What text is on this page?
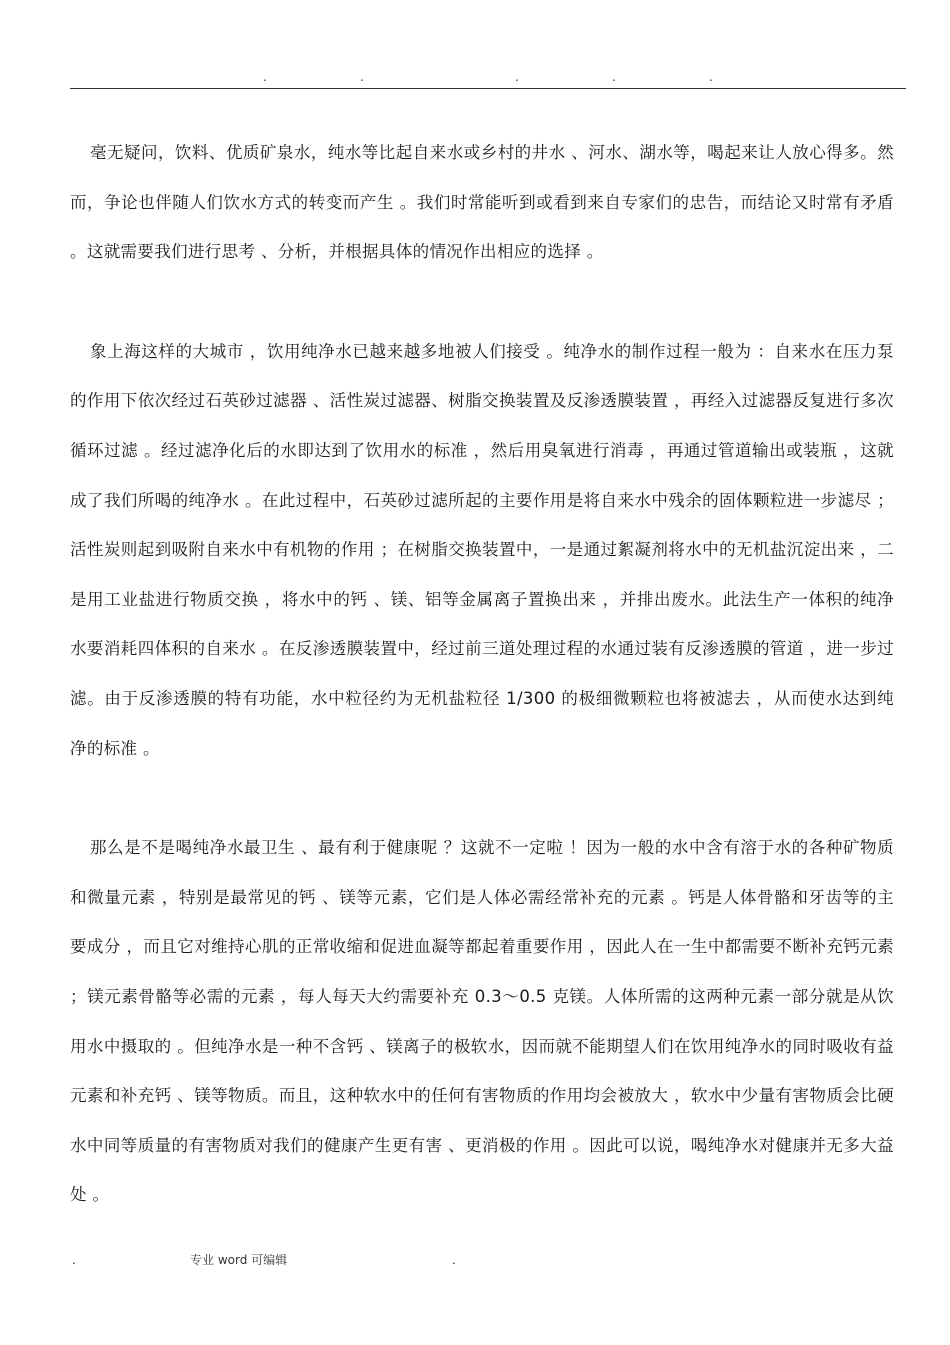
.	.	.	.	.

毫无疑问，饮料、优质矿泉水，纯水等比起自来水或乡村的井水 、河水、湖水等，喝起来让人放心得多。然而，争论也伴随人们饮水方式的转变而产生 。我们时常能听到或看到来自专家们的忠告，而结论又时常有矛盾 。这就需要我们进行思考 、分析，并根据具体的情况作出相应的选择 。

象上海这样的大城市 ，饮用纯净水已越来越多地被人们接受 。纯净水的制作过程一般为 ：自来水在压力泵的作用下依次经过石英砂过滤器 、活性炭过滤器、树脂交换装置及反渗透膜装置 ，再经入过滤器反复进行多次循环过滤 。经过滤净化后的水即达到了饮用水的标准 ，然后用臭氧进行消毒 ，再通过管道输出或装瓶 ，这就成了我们所喝的纯净水 。在此过程中，石英砂过滤所起的主要作用是将自来水中残余的固体颗粒进一步滤尽 ；活性炭则起到吸附自来水中有机物的作用 ；在树脂交换装置中，一是通过絮凝剂将水中的无机盐沉淀出来 ，二是用工业盐进行物质交换 ，将水中的钙 、镁、铝等金属离子置换出来 ，并排出废水。此法生产一体积的纯净水要消耗四体积的自来水 。在反渗透膜装置中，经过前三道处理过程的水通过装有反渗透膜的管道 ，进一步过滤。由于反渗透膜的特有功能，水中粒径约为无机盐粒径 1/300 的极细微颗粒也将被滤去 ，从而使水达到纯净的标准 。

那么是不是喝纯净水最卫生 、最有利于健康呢 ？这就不一定啦 ！因为一般的水中含有溶于水的各种矿物质和微量元素 ，特别是最常见的钙 、镁等元素，它们是人体必需经常补充的元素 。钙是人体骨骼和牙齿等的主要成分 ，而且它对维持心肌的正常收缩和促进血凝等都起着重要作用 ，因此人在一生中都需要不断补充钙元素 ；镁元素骨骼等必需的元素 ，每人每天大约需要补充 0.3～0.5 克镁。人体所需的这两种元素一部分就是从饮用水中摄取的 。但纯净水是一种不含钙 、镁离子的极软水，因而就不能期望人们在饮用纯净水的同时吸收有益元素和补充钙 、镁等物质。而且，这种软水中的任何有害物质的作用均会被放大 ，软水中少量有害物质会比硬水中同等质量的有害物质对我们的健康产生更有害 、更消极的作用 。因此可以说，喝纯净水对健康并无多大益处 。

.	专业 word 可编辑	.
